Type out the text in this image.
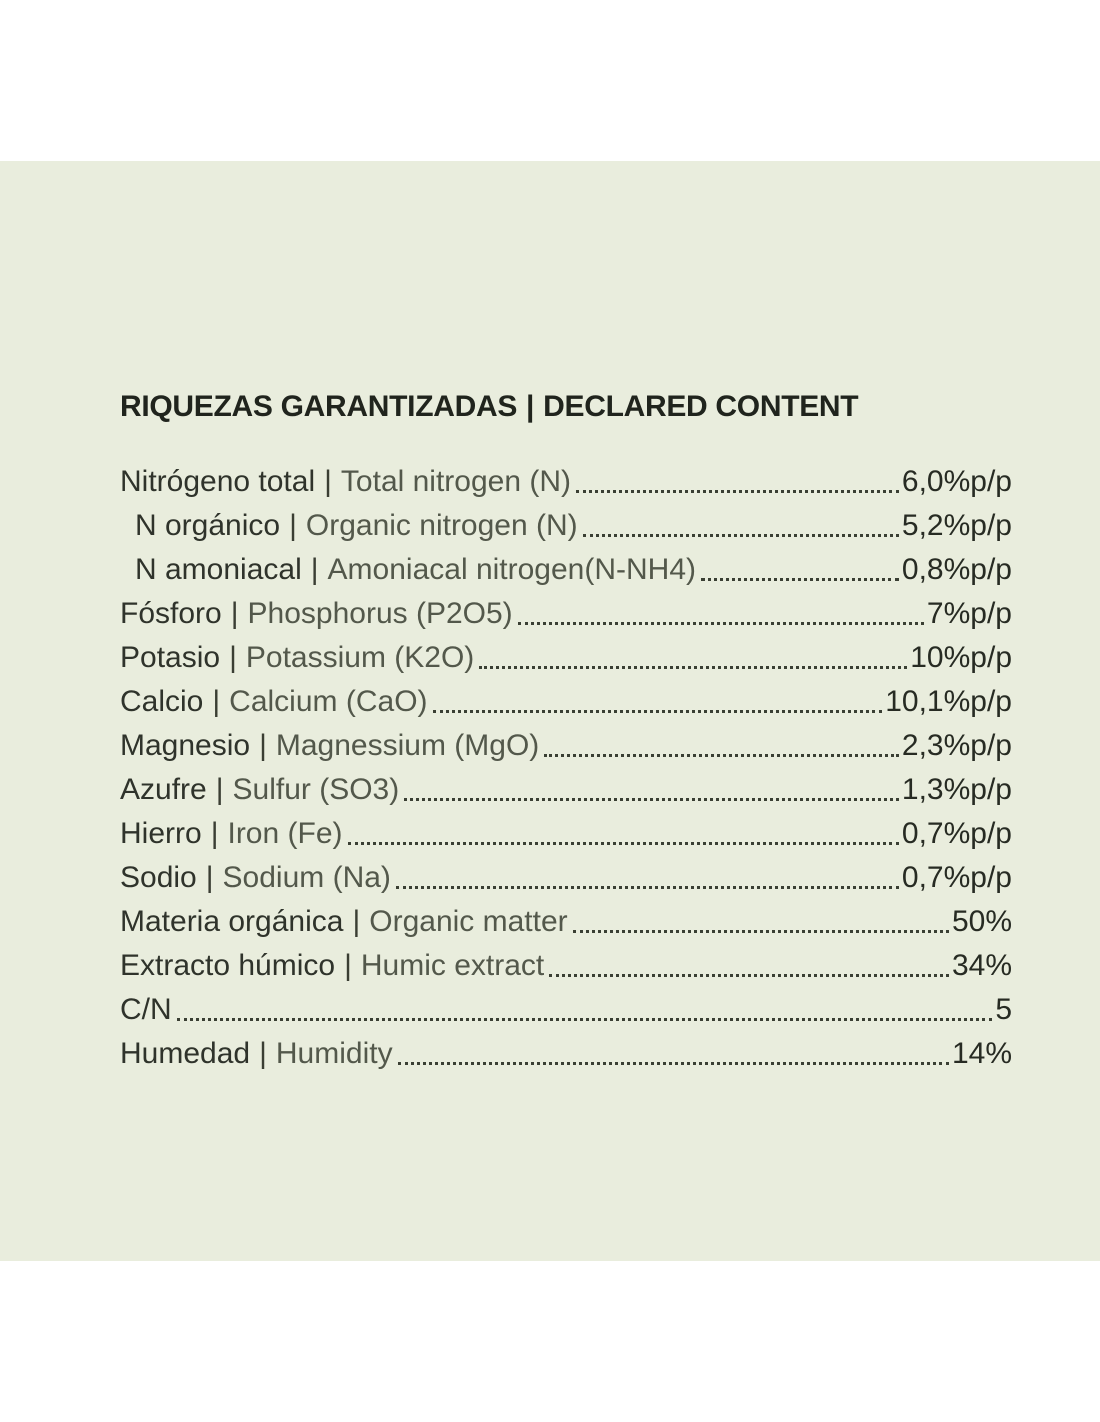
RIQUEZAS GARANTIZADAS | DECLARED CONTENT
Nitrógeno total | Total nitrogen (N)	6,0%p/p
N orgánico | Organic nitrogen (N)	5,2%p/p
N amoniacal | Amoniacal nitrogen(N-NH4)	0,8%p/p
Fósforo | Phosphorus (P2O5)	7%p/p
Potasio | Potassium (K2O)	10%p/p
Calcio | Calcium (CaO)	10,1%p/p
Magnesio | Magnessium (MgO)	2,3%p/p
Azufre | Sulfur (SO3)	1,3%p/p
Hierro | Iron (Fe)	0,7%p/p
Sodio | Sodium (Na)	0,7%p/p
Materia orgánica | Organic matter	50%
Extracto húmico | Humic extract	34%
C/N	5
Humedad | Humidity	14%
